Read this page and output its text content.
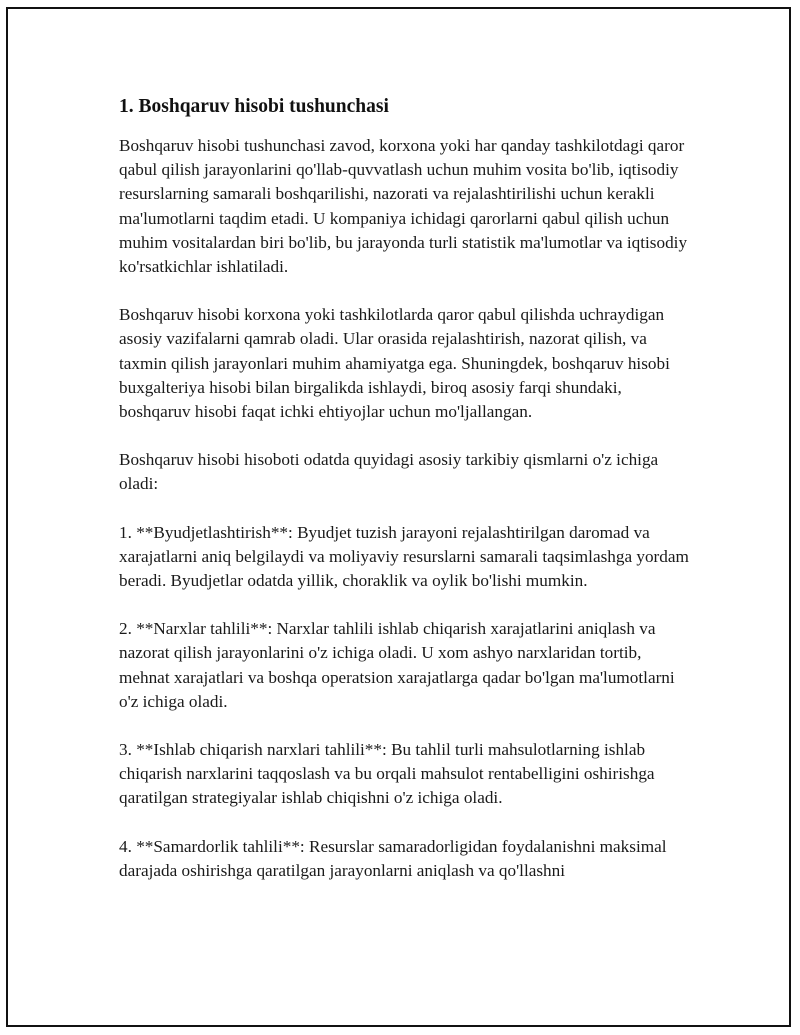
1. Boshqaruv hisobi tushunchasi

Boshqaruv hisobi tushunchasi zavod, korxona yoki har qanday tashkilotdagi qaror qabul qilish jarayonlarini qo'llab-quvvatlash uchun muhim vosita bo'lib, iqtisodiy resurslarning samarali boshqarilishi, nazorati va rejalashtirilishi uchun kerakli ma'lumotlarni taqdim etadi. U kompaniya ichidagi qarorlarni qabul qilish uchun muhim vositalardan biri bo'lib, bu jarayonda turli statistik ma'lumotlar va iqtisodiy ko'rsatkichlar ishlatiladi.

Boshqaruv hisobi korxona yoki tashkilotlarda qaror qabul qilishda uchraydigan asosiy vazifalarni qamrab oladi. Ular orasida rejalashtirish, nazorat qilish, va taxmin qilish jarayonlari muhim ahamiyatga ega. Shuningdek, boshqaruv hisobi buxgalteriya hisobi bilan birgalikda ishlaydi, biroq asosiy farqi shundaki, boshqaruv hisobi faqat ichki ehtiyojlar uchun mo'ljallangan.

Boshqaruv hisobi hisoboti odatda quyidagi asosiy tarkibiy qismlarni o'z ichiga oladi:

1. **Byudjetlashtirish**: Byudjet tuzish jarayoni rejalashtirilgan daromad va xarajatlarni aniq belgilaydi va moliyaviy resurslarni samarali taqsimlashga yordam beradi. Byudjetlar odatda yillik, choraklik va oylik bo'lishi mumkin.

2. **Narxlar tahlili**: Narxlar tahlili ishlab chiqarish xarajatlarini aniqlash va nazorat qilish jarayonlarini o'z ichiga oladi. U xom ashyo narxlaridan tortib, mehnat xarajatlari va boshqa operatsion xarajatlarga qadar bo'lgan ma'lumotlarni o'z ichiga oladi.

3. **Ishlab chiqarish narxlari tahlili**: Bu tahlil turli mahsulotlarning ishlab chiqarish narxlarini taqqoslash va bu orqali mahsulot rentabelligini oshirishga qaratilgan strategiyalar ishlab chiqishni o'z ichiga oladi.

4. **Samardorlik tahlili**: Resurslar samaradorligidan foydalanishni maksimal darajada oshirishga qaratilgan jarayonlarni aniqlash va qo'llashni
